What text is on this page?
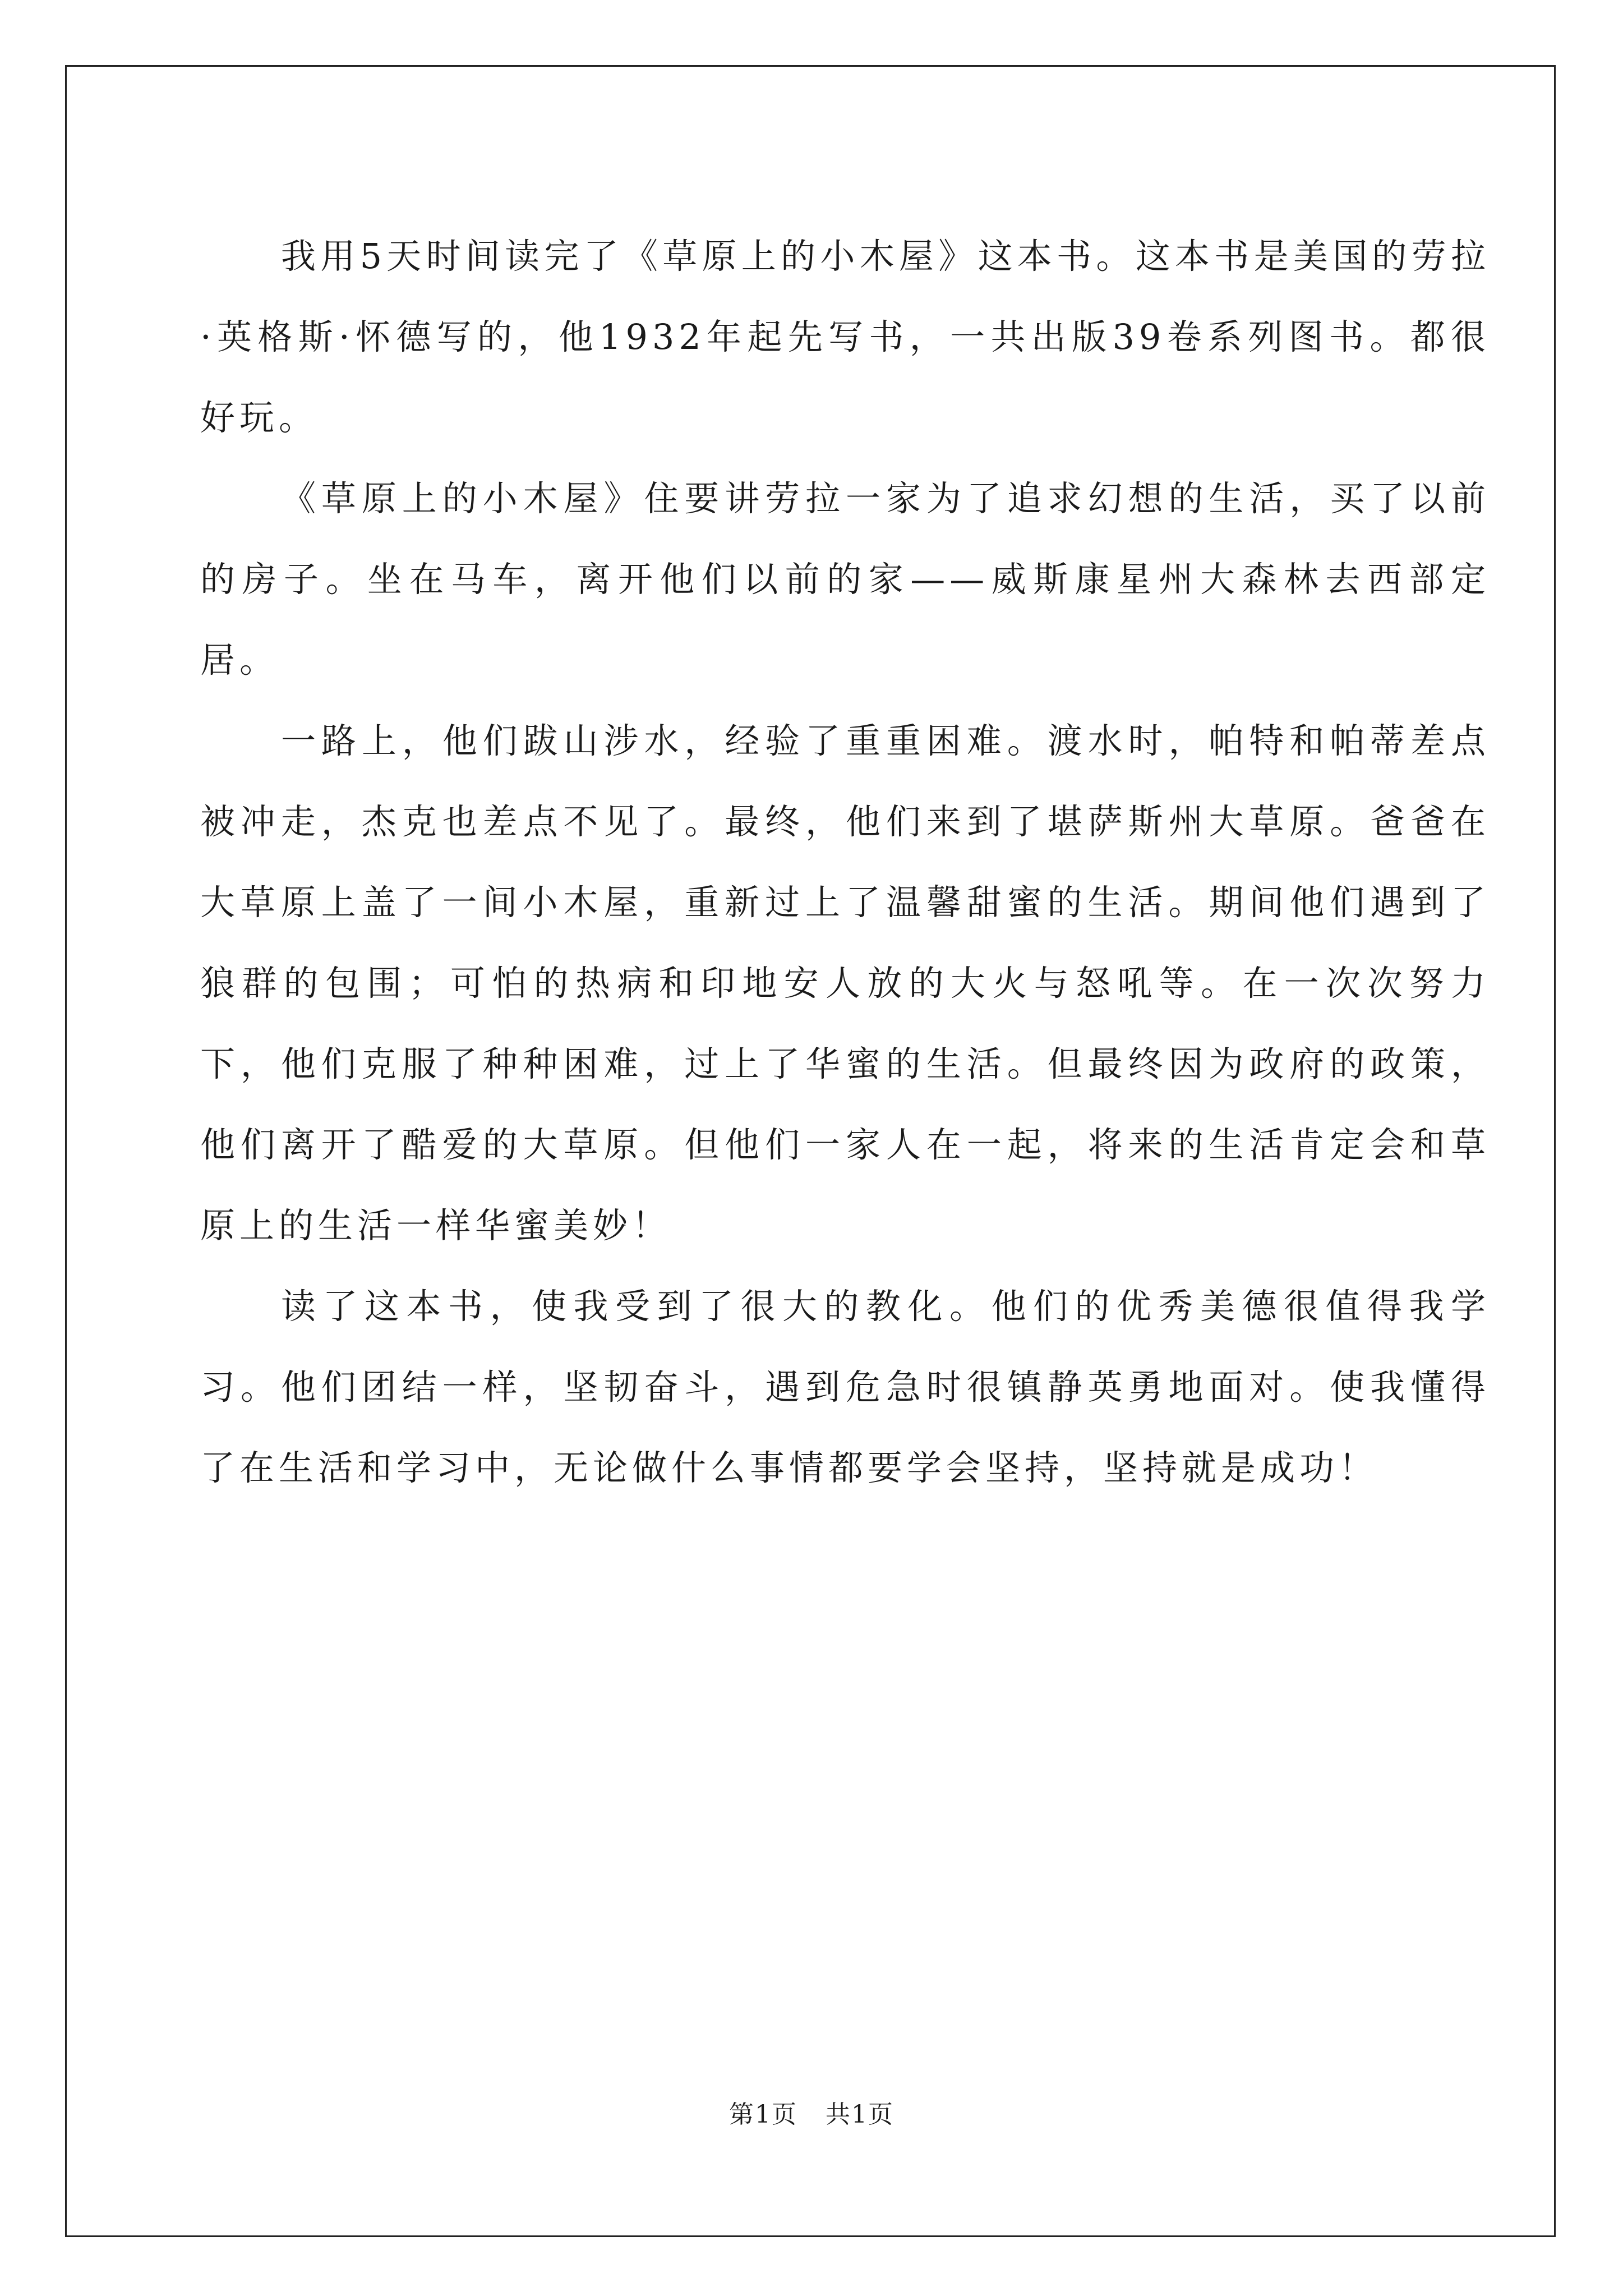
我用5天时间读完了《草原上的小木屋》这本书。这本书是美国的劳拉·英格斯·怀德写的，他1932年起先写书，一共出版39卷系列图书。都很好玩。

《草原上的小木屋》住要讲劳拉一家为了追求幻想的生活，买了以前的房子。坐在马车，离开他们以前的家——威斯康星州大森林去西部定居。

一路上，他们跋山涉水，经验了重重困难。渡水时，帕特和帕蒂差点被冲走，杰克也差点不见了。最终，他们来到了堪萨斯州大草原。爸爸在大草原上盖了一间小木屋，重新过上了温馨甜蜜的生活。期间他们遇到了狼群的包围；可怕的热病和印地安人放的大火与怒吼等。在一次次努力下，他们克服了种种困难，过上了华蜜的生活。但最终因为政府的政策，他们离开了酷爱的大草原。但他们一家人在一起，将来的生活肯定会和草原上的生活一样华蜜美妙！

读了这本书，使我受到了很大的教化。他们的优秀美德很值得我学习。他们团结一样，坚韧奋斗，遇到危急时很镇静英勇地面对。使我懂得了在生活和学习中，无论做什么事情都要学会坚持，坚持就是成功！

第1页 共1页
